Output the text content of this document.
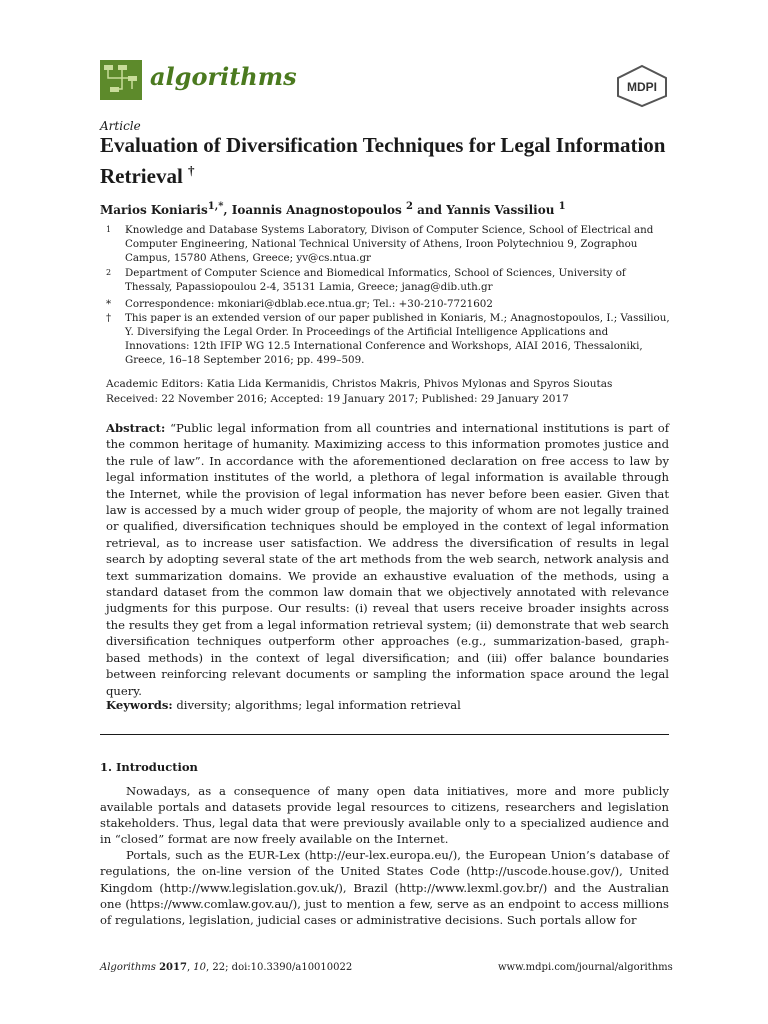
algorithms	MDPI
Article
Evaluation of Diversification Techniques for Legal Information Retrieval †
Marios Koniaris$^{1,*}$, Ioannis Anagnostopoulos $^2$ and Yannis Vassiliou $^1$
1 Knowledge and Database Systems Laboratory, Divison of Computer Science, School of Electrical and Computer Engineering, National Technical University of Athens, Iroon Polytechniou 9, Zographou Campus, 15780 Athens, Greece; yv@cs.ntua.gr
2 Department of Computer Science and Biomedical Informatics, School of Sciences, University of Thessaly, Papassiopoulou 2-4, 35131 Lamia, Greece; janag@dib.uth.gr
* Correspondence: mkoniari@dblab.ece.ntua.gr; Tel.: +30-210-7721602
† This paper is an extended version of our paper published in Koniaris, M.; Anagnostopoulos, I.; Vassiliou, Y. Diversifying the Legal Order. In Proceedings of the Artificial Intelligence Applications and Innovations: 12th IFIP WG 12.5 International Conference and Workshops, AIAI 2016, Thessaloniki, Greece, 16–18 September 2016; pp. 499–509.
Academic Editors: Katia Lida Kermanidis, Christos Makris, Phivos Mylonas and Spyros Sioutas
Received: 22 November 2016; Accepted: 19 January 2017; Published: 29 January 2017

Abstract: “Public legal information from all countries and international institutions is part of the common heritage of humanity. Maximizing access to this information promotes justice and the rule of law”. In accordance with the aforementioned declaration on free access to law by legal information institutes of the world, a plethora of legal information is available through the Internet, while the provision of legal information has never before been easier. Given that law is accessed by a much wider group of people, the majority of whom are not legally trained or qualified, diversification techniques should be employed in the context of legal information retrieval, as to increase user satisfaction. We address the diversification of results in legal search by adopting several state of the art methods from the web search, network analysis and text summarization domains. We provide an exhaustive evaluation of the methods, using a standard dataset from the common law domain that we objectively annotated with relevance judgments for this purpose. Our results: (i) reveal that users receive broader insights across the results they get from a legal information retrieval system; (ii) demonstrate that web search diversification techniques outperform other approaches (e.g., summarization-based, graph-based methods) in the context of legal diversification; and (iii) offer balance boundaries between reinforcing relevant documents or sampling the information space around the legal query.

Keywords: diversity; algorithms; legal information retrieval
1. Introduction

Nowadays, as a consequence of many open data initiatives, more and more publicly available portals and datasets provide legal resources to citizens, researchers and legislation stakeholders. Thus, legal data that were previously available only to a specialized audience and in “closed” format are now freely available on the Internet.

Portals, such as the EUR-Lex (http://eur-lex.europa.eu/), the European Union’s database of regulations, the on-line version of the United States Code (http://uscode.house.gov/), United Kingdom (http://www.legislation.gov.uk/), Brazil (http://www.lexml.gov.br/) and the Australian one (https://www.comlaw.gov.au/), just to mention a few, serve as an endpoint to access millions of regulations, legislation, judicial cases or administrative decisions. Such portals allow for

Algorithms 2017, 10, 22; doi:10.3390/a10010022	www.mdpi.com/journal/algorithms
